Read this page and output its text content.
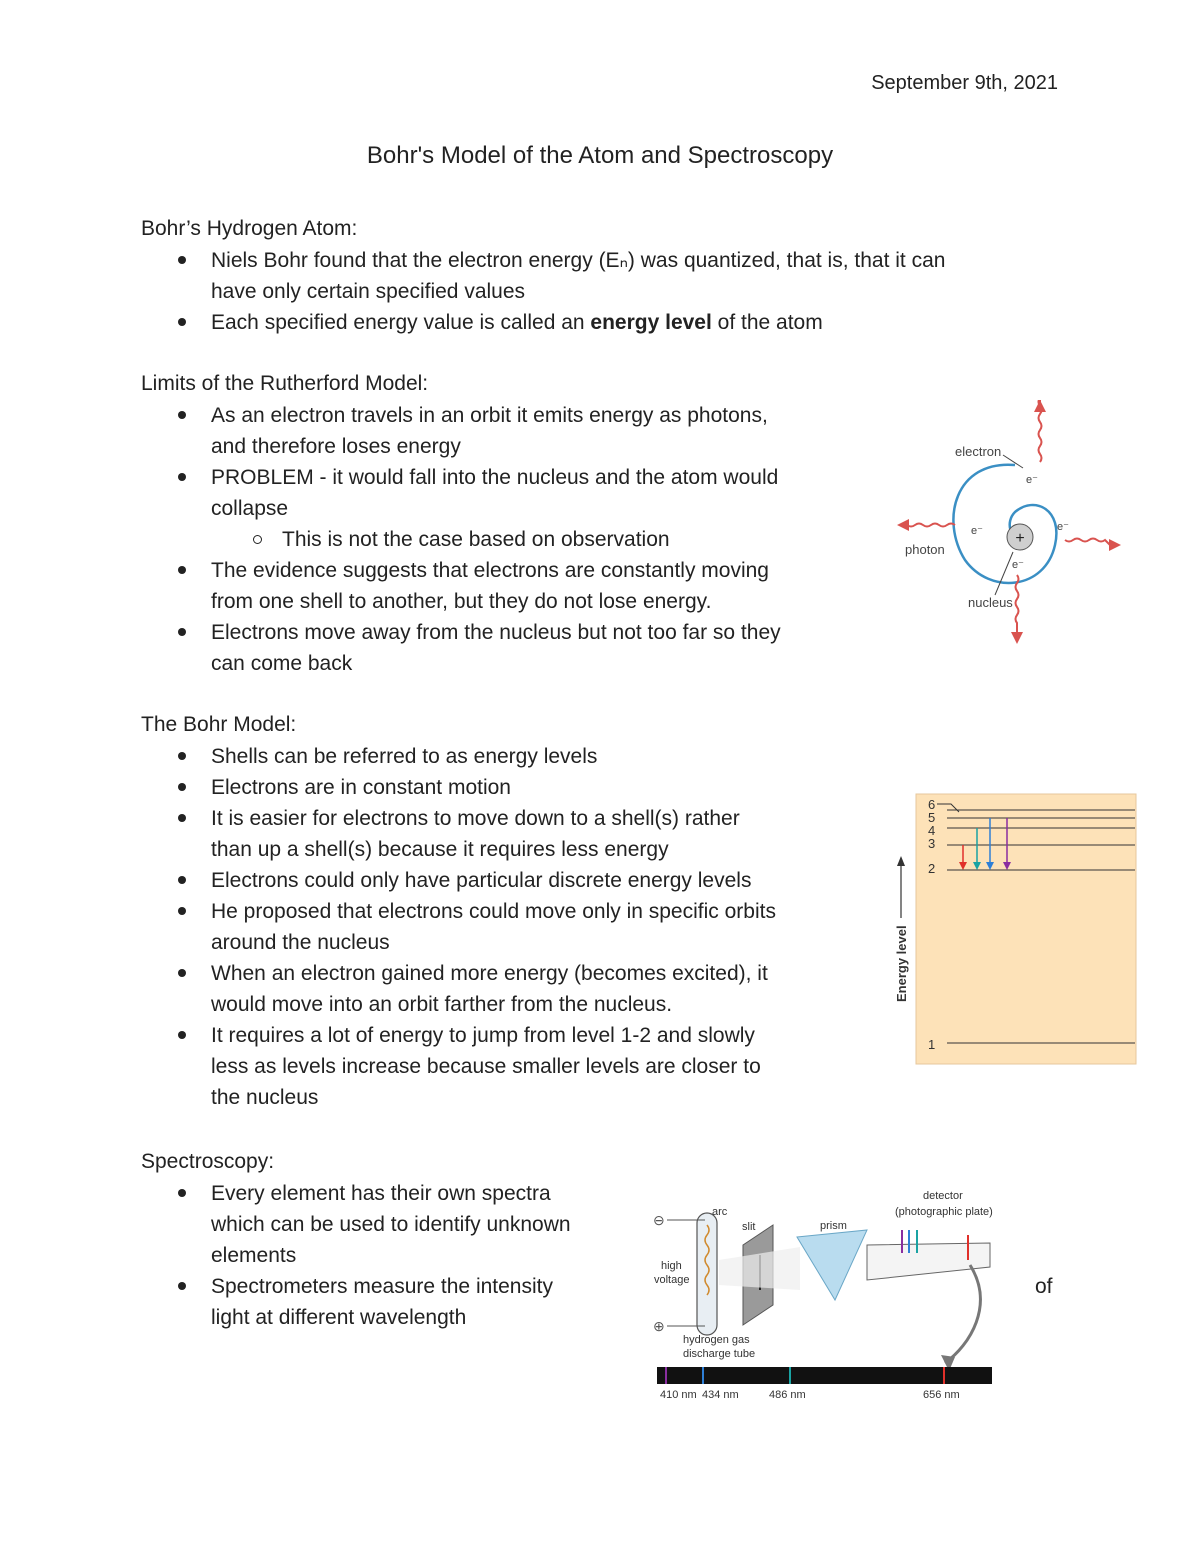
September 9th, 2021
Bohr's Model of the Atom and Spectroscopy
Bohr’s Hydrogen Atom:
Niels Bohr found that the electron energy (Eₙ) was quantized, that is, that it can
have only certain specified values
Each specified energy value is called an energy level of the atom
Limits of the Rutherford Model:
As an electron travels in an orbit it emits energy as photons,
and therefore loses energy
PROBLEM - it would fall into the nucleus and the atom would
collapse
This is not the case based on observation
The evidence suggests that electrons are constantly moving
from one shell to another, but they do not lose energy.
Electrons move away from the nucleus but not too far so they
can come back
+
electron
e⁻
e⁻	e⁻
e⁻
photon
nucleus
The Bohr Model:
Shells can be referred to as energy levels
Electrons are in constant motion
It is easier for electrons to move down to a shell(s) rather
than up a shell(s) because it requires less energy
Electrons could only have particular discrete energy levels
He proposed that electrons could move only in specific orbits
around the nucleus
When an electron gained more energy (becomes excited), it
would move into an orbit farther from the nucleus.
It requires a lot of energy to jump from level 1-2 and slowly
less as levels increase because smaller levels are closer to
the nucleus
6
5
4
3
2
1
Energy level
Spectroscopy:
Every element has their own spectra
which can be used to identify unknown
elements
Spectrometers measure the intensity	of
light at different wavelength
arc
⊖
⊕
high
voltage
hydrogen gas
discharge tube
slit	prism
detector
(photographic plate)
410 nm 434 nm	486 nm	656 nm
